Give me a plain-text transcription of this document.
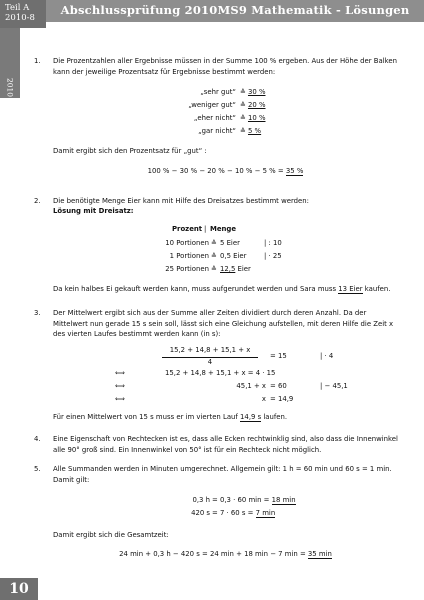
Teil A
2010-8
Abschlussprüfung 2010MS9 Mathematik - Lösungen
2010
10
1. Die Prozentzahlen aller Ergebnisse müssen in der Summe 100 % ergeben. Aus der Höhe der Balken kann der jeweilige Prozentsatz für Ergebnisse bestimmt werden:
„sehr gut“ ≙ 30 %
„weniger gut“ ≙ 20 %
„eher nicht“ ≙ 10 %
„gar nicht“ ≙ 5 %
Damit ergibt sich den Prozentsatz für „gut“ :
100 % − 30 % − 20 % − 10 % − 5 % = 35 %
2. Die benötigte Menge Eier kann mit Hilfe des Dreisatzes bestimmt werden:
Lösung mit Dreisatz:
Prozent | Menge
10 Portionen ≙ 5 Eier	| : 10
1 Portionen ≙ 0,5 Eier	| · 25
25 Portionen ≙ 12,5 Eier
Da kein halbes Ei gekauft werden kann, muss aufgerundet werden und Sara muss 13 Eier kaufen.
3. Der Mittelwert ergibt sich aus der Summe aller Zeiten dividiert durch deren Anzahl. Da der Mittelwert nun gerade 15 s sein soll, lässt sich eine Gleichung aufstellen, mit deren Hilfe die Zeit x des vierten Laufes bestimmt werden kann (in s):
15,2 + 14,8 + 15,1 + x
4
= 15	| · 4
⟺	15,2 + 14,8 + 15,1 + x = 4 · 15
⟺	45,1 + x = 60	| − 45,1
⟺	x = 14,9
Für einen Mittelwert von 15 s muss er im vierten Lauf 14,9 s laufen.
4. Eine Eigenschaft von Rechtecken ist es, dass alle Ecken rechtwinklig sind, also dass die Innenwinkel alle 90° groß sind. Ein Innenwinkel von 50° ist für ein Rechteck nicht möglich.
5. Alle Summanden werden in Minuten umgerechnet. Allgemein gilt: 1 h = 60 min und 60 s = 1 min. Damit gilt:
0,3 h = 0,3 · 60 min = 18 min
420 s = 7 · 60 s = 7 min
Damit ergibt sich die Gesamtzeit:
24 min + 0,3 h − 420 s = 24 min + 18 min − 7 min = 35 min
